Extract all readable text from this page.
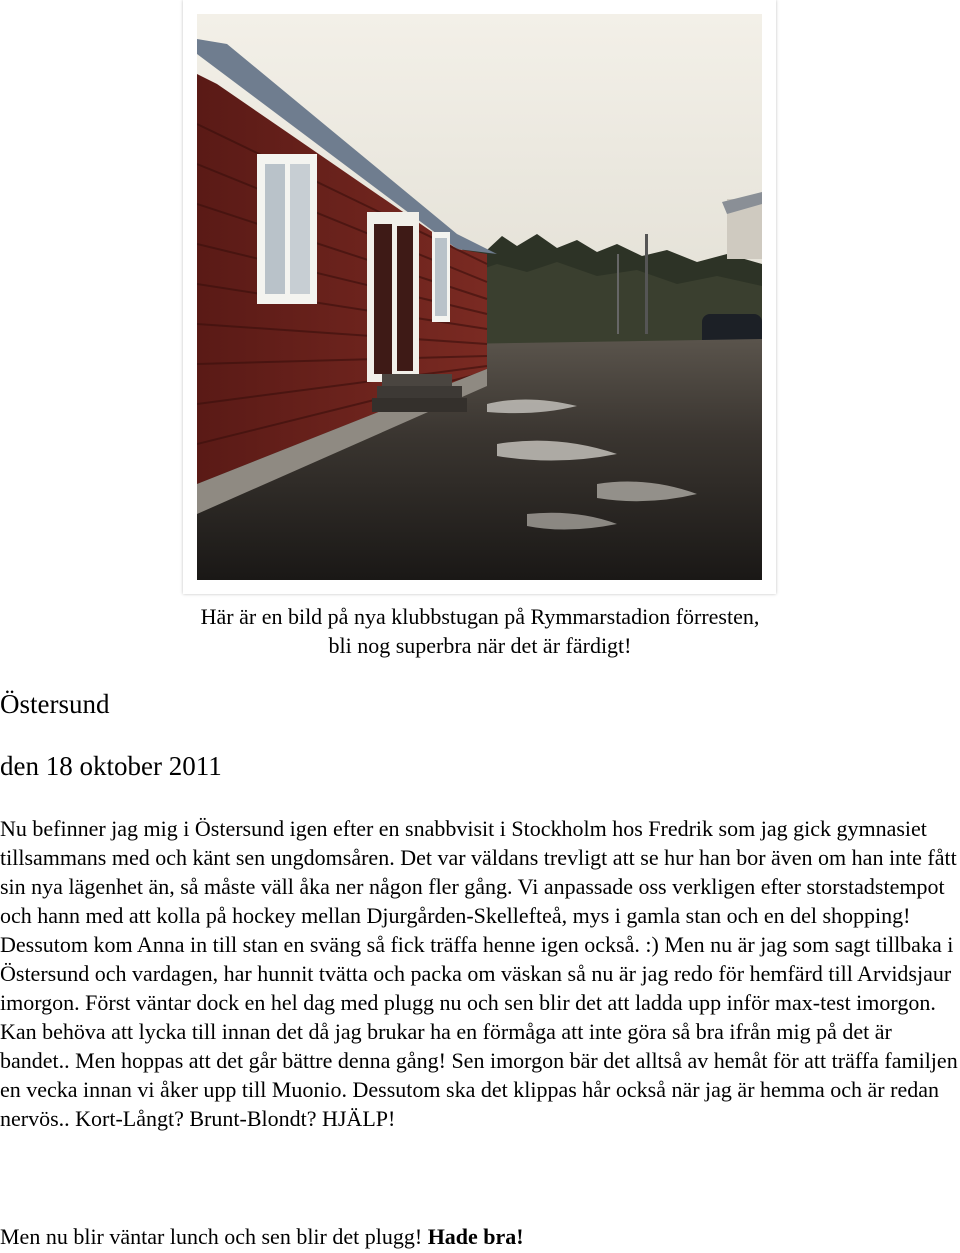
Här är en bild på nya klubbstugan på Rymmarstadion förresten,
bli nog superbra när det är färdigt!
Östersund
den 18 oktober 2011

Nu befinner jag mig i Östersund igen efter en snabbvisit i Stockholm hos Fredrik som jag gick gymnasiet tillsammans med och känt sen ungdomsåren. Det var väldans trevligt att se hur han bor även om han inte fått sin nya lägenhet än, så måste väll åka ner någon fler gång. Vi anpassade oss verkligen efter storstadstempot och hann med att kolla på hockey mellan Djurgården-Skellefteå, mys i gamla stan och en del shopping! Dessutom kom Anna in till stan en sväng så fick träffa henne igen också. :) Men nu är jag som sagt tillbaka i Östersund och vardagen, har hunnit tvätta och packa om väskan så nu är jag redo för hemfärd till Arvidsjaur imorgon. Först väntar dock en hel dag med plugg nu och sen blir det att ladda upp inför max-test imorgon. Kan behöva att lycka till innan det då jag brukar ha en förmåga att inte göra så bra ifrån mig på det är bandet.. Men hoppas att det går bättre denna gång! Sen imorgon bär det alltså av hemåt för att träffa familjen en vecka innan vi åker upp till Muonio. Dessutom ska det klippas hår också när jag är hemma och är redan nervös.. Kort-Långt? Brunt-Blondt? HJÄLP!

Men nu blir väntar lunch och sen blir det plugg! Hade bra!
